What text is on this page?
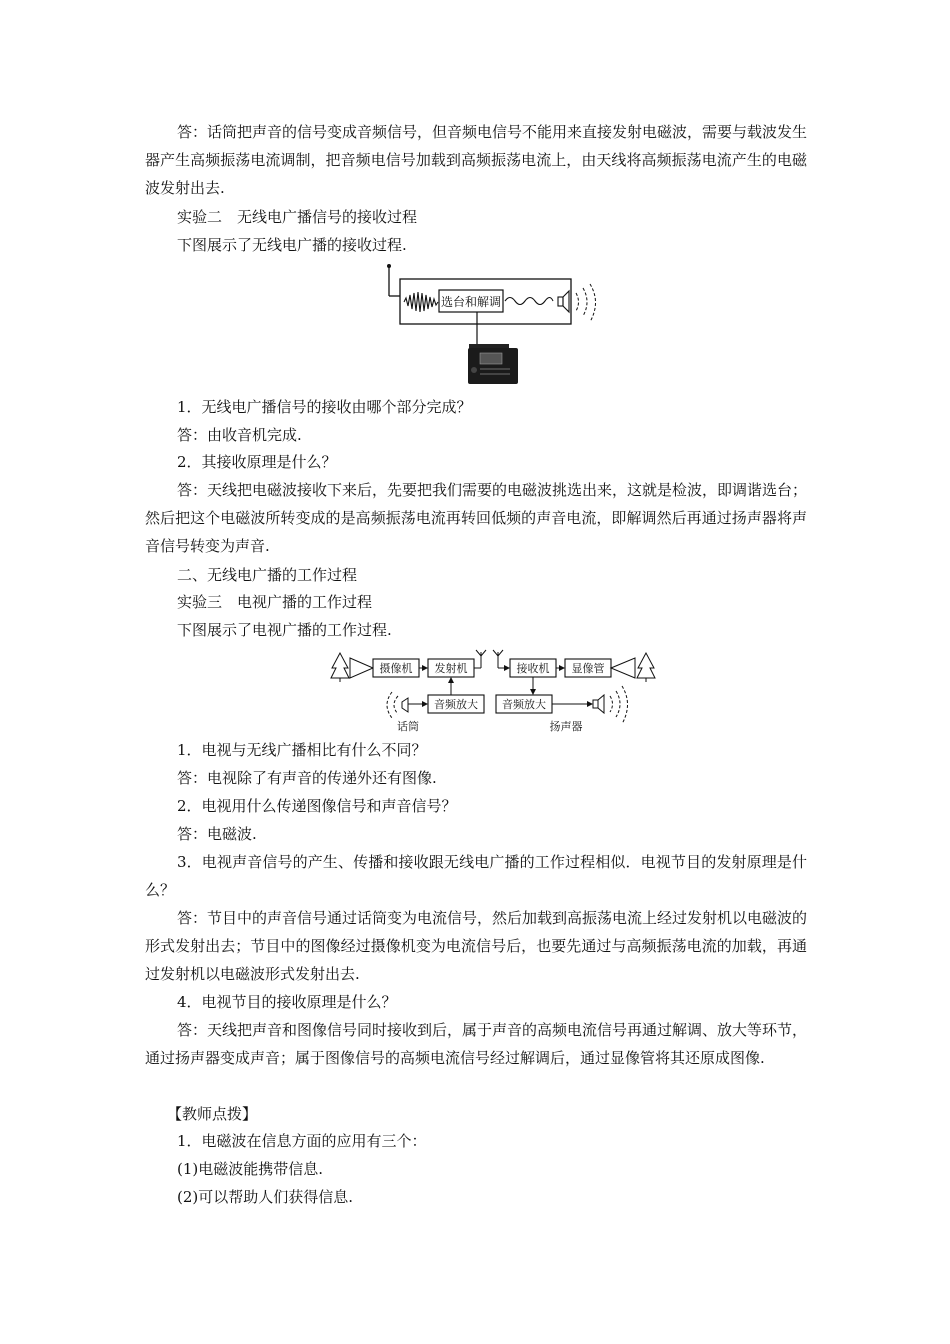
答：话筒把声音的信号变成音频信号，但音频电信号不能用来直接发射电磁波，需要与载波发生器产生高频振荡电流调制，把音频电信号加载到高频振荡电流上，由天线将高频振荡电流产生的电磁波发射出去.

实验二　无线电广播信号的接收过程

下图展示了无线电广播的接收过程.

选台和解调

1．无线电广播信号的接收由哪个部分完成？

答：由收音机完成.

2．其接收原理是什么？

答：天线把电磁波接收下来后，先要把我们需要的电磁波挑选出来，这就是检波，即调谐选台；然后把这个电磁波所转变成的是高频振荡电流再转回低频的声音电流，即解调然后再通过扬声器将声音信号转变为声音.

二、无线电广播的工作过程

实验三　电视广播的工作过程

下图展示了电视广播的工作过程.

摄像机 发射机	接收机 显像管
音频放大
话筒
音频放大
扬声器

1．电视与无线广播相比有什么不同？

答：电视除了有声音的传递外还有图像.

2．电视用什么传递图像信号和声音信号？

答：电磁波.

3．电视声音信号的产生、传播和接收跟无线电广播的工作过程相似．电视节目的发射原理是什么？

答：节目中的声音信号通过话筒变为电流信号，然后加载到高振荡电流上经过发射机以电磁波的形式发射出去；节目中的图像经过摄像机变为电流信号后，也要先通过与高频振荡电流的加载，再通过发射机以电磁波形式发射出去.

4．电视节目的接收原理是什么？

答：天线把声音和图像信号同时接收到后，属于声音的高频电流信号再通过解调、放大等环节，通过扬声器变成声音；属于图像信号的高频电流信号经过解调后，通过显像管将其还原成图像.

【教师点拨】

1．电磁波在信息方面的应用有三个：

(1)电磁波能携带信息.

(2)可以帮助人们获得信息.
